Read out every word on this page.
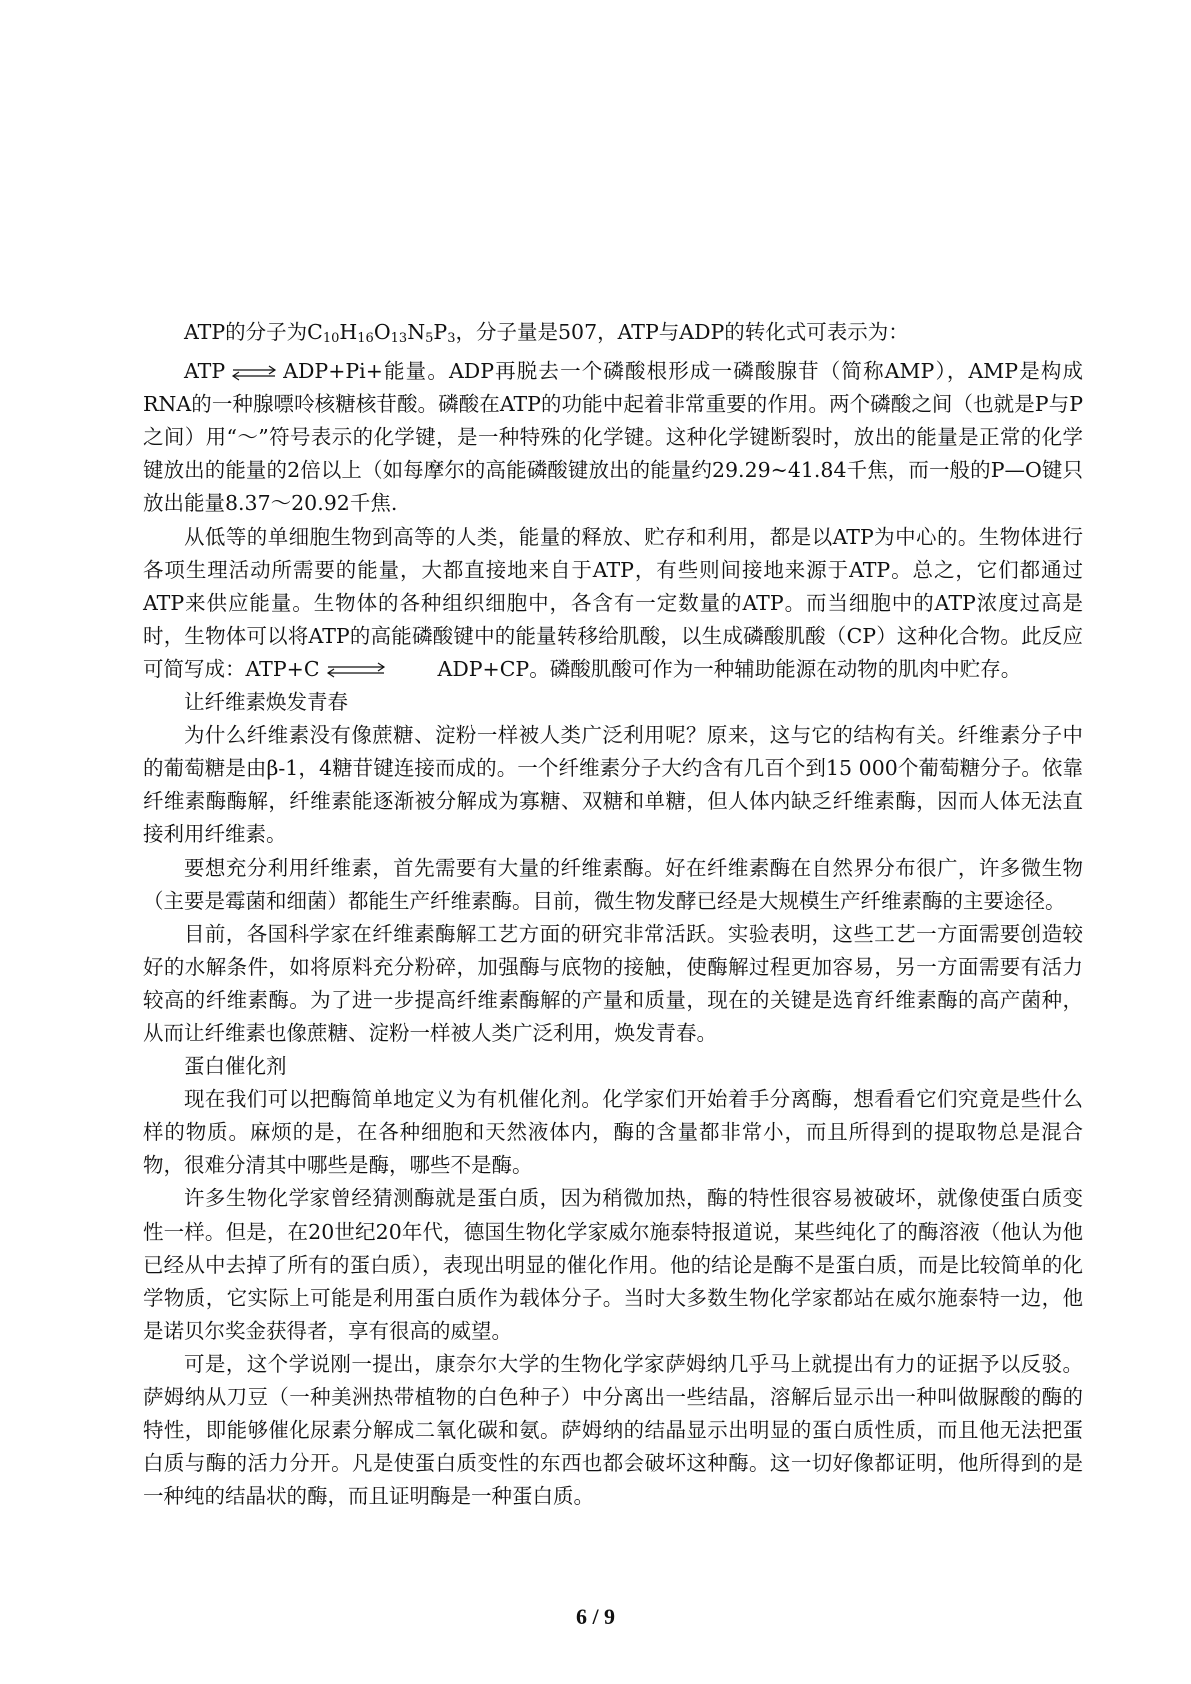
ATP的分子为$C_{10}H_{16}O_{13}N_5P_3$，分子量是507，ATP与ADP的转化式可表示为：

ATP ⇌ ADP+Pi+能量。ADP再脱去一个磷酸根形成一磷酸腺苷（简称AMP），AMP是构成RNA的一种腺嘌呤核糖核苷酸。磷酸在ATP的功能中起着非常重要的作用。两个磷酸之间（也就是P与P之间）用“～”符号表示的化学键，是一种特殊的化学键。这种化学键断裂时，放出的能量是正常的化学键放出的能量的2倍以上（如每摩尔的高能磷酸键放出的能量约29.29~41.84千焦，而一般的P—O键只放出能量8.37～20.92千焦.

从低等的单细胞生物到高等的人类，能量的释放、贮存和利用，都是以ATP为中心的。生物体进行各项生理活动所需要的能量，大都直接地来自于ATP，有些则间接地来源于ATP。总之，它们都通过ATP来供应能量。生物体的各种组织细胞中，各含有一定数量的ATP。而当细胞中的ATP浓度过高是时，生物体可以将ATP的高能磷酸键中的能量转移给肌酸，以生成磷酸肌酸（CP）这种化合物。此反应可简写成：ATP+C	ADP+CP。磷酸肌酸可作为一种辅助能源在动物的肌肉中贮存。

让纤维素焕发青春

为什么纤维素没有像蔗糖、淀粉一样被人类广泛利用呢？原来，这与它的结构有关。纤维素分子中的葡萄糖是由β-1，4糖苷键连接而成的。一个纤维素分子大约含有几百个到15 000个葡萄糖分子。依靠纤维素酶酶解，纤维素能逐渐被分解成为寡糖、双糖和单糖，但人体内缺乏纤维素酶，因而人体无法直接利用纤维素。

要想充分利用纤维素，首先需要有大量的纤维素酶。好在纤维素酶在自然界分布很广，许多微生物（主要是霉菌和细菌）都能生产纤维素酶。目前，微生物发酵已经是大规模生产纤维素酶的主要途径。

目前，各国科学家在纤维素酶解工艺方面的研究非常活跃。实验表明，这些工艺一方面需要创造较好的水解条件，如将原料充分粉碎，加强酶与底物的接触，使酶解过程更加容易，另一方面需要有活力较高的纤维素酶。为了进一步提高纤维素酶解的产量和质量，现在的关键是选育纤维素酶的高产菌种，从而让纤维素也像蔗糖、淀粉一样被人类广泛利用，焕发青春。

蛋白催化剂

现在我们可以把酶简单地定义为有机催化剂。化学家们开始着手分离酶，想看看它们究竟是些什么样的物质。麻烦的是，在各种细胞和天然液体内，酶的含量都非常小，而且所得到的提取物总是混合物，很难分清其中哪些是酶，哪些不是酶。

许多生物化学家曾经猜测酶就是蛋白质，因为稍微加热，酶的特性很容易被破坏，就像使蛋白质变性一样。但是，在20世纪20年代，德国生物化学家威尔施泰特报道说，某些纯化了的酶溶液（他认为他已经从中去掉了所有的蛋白质），表现出明显的催化作用。他的结论是酶不是蛋白质，而是比较简单的化学物质，它实际上可能是利用蛋白质作为载体分子。当时大多数生物化学家都站在威尔施泰特一边，他是诺贝尔奖金获得者，享有很高的威望。

可是，这个学说刚一提出，康奈尔大学的生物化学家萨姆纳几乎马上就提出有力的证据予以反驳。萨姆纳从刀豆（一种美洲热带植物的白色种子）中分离出一些结晶，溶解后显示出一种叫做脲酸的酶的特性，即能够催化尿素分解成二氧化碳和氨。萨姆纳的结晶显示出明显的蛋白质性质，而且他无法把蛋白质与酶的活力分开。凡是使蛋白质变性的东西也都会破坏这种酶。这一切好像都证明，他所得到的是一种纯的结晶状的酶，而且证明酶是一种蛋白质。

6 / 9
